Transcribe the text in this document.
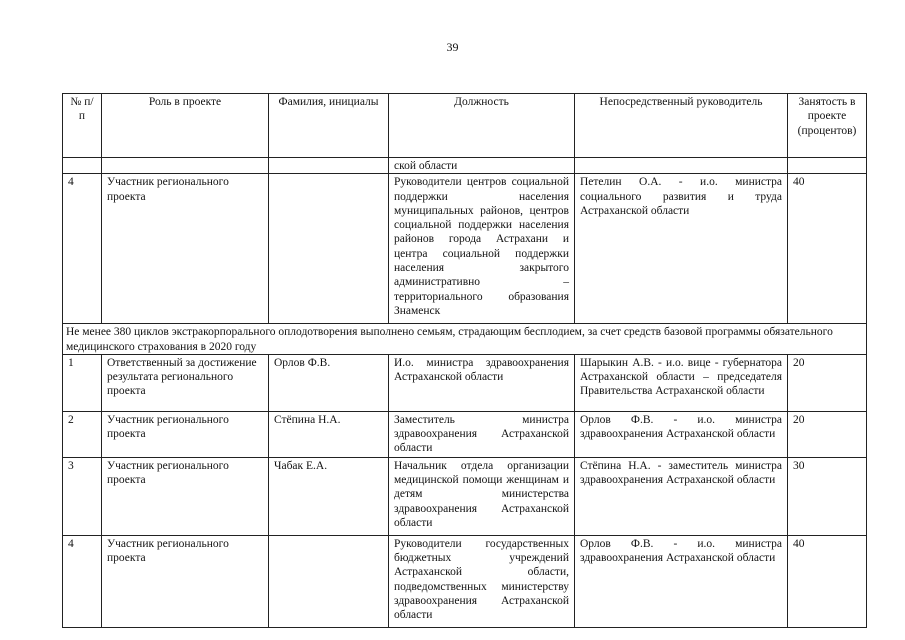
39
№ п/п	Роль в проекте	Фамилия, инициалы	Должность	Непосредственный руководитель	Занятость в проекте (процентов)
			ской области		
4	Участник регионального проекта		Руководители центров социальной поддержки населения муниципальных районов, центров социальной поддержки населения районов города Астрахани и центра социальной поддержки населения закрытого административно – территориального образования Знаменск	Петелин О.А. - и.о. министра социального развития и труда Астраханской области	40
Не менее 380 циклов экстракорпорального оплодотворения выполнено семьям, страдающим бесплодием, за счет средств базовой программы обязательного медицинского страхования в 2020 году					
1	Ответственный за достижение результата регионального проекта	Орлов Ф.В.	И.о. министра здравоохранения Астраханской области	Шарыкин А.В. - и.о. вице - губернатора Астраханской области – председателя Правительства Астраханской области	20
2	Участник регионального проекта	Стёпина Н.А.	Заместитель министра здравоохранения Астраханской области	Орлов Ф.В. - и.о. министра здравоохранения Астраханской области	20
3	Участник регионального проекта	Чабак Е.А.	Начальник отдела организации медицинской помощи женщинам и детям министерства здравоохранения Астраханской области	Стёпина Н.А. - заместитель министра здравоохранения Астраханской области	30
4	Участник регионального проекта		Руководители государственных бюджетных учреждений Астраханской области, подведомственных министерству здравоохранения Астраханской области	Орлов Ф.В. - и.о. министра здравоохранения Астраханской области	40
